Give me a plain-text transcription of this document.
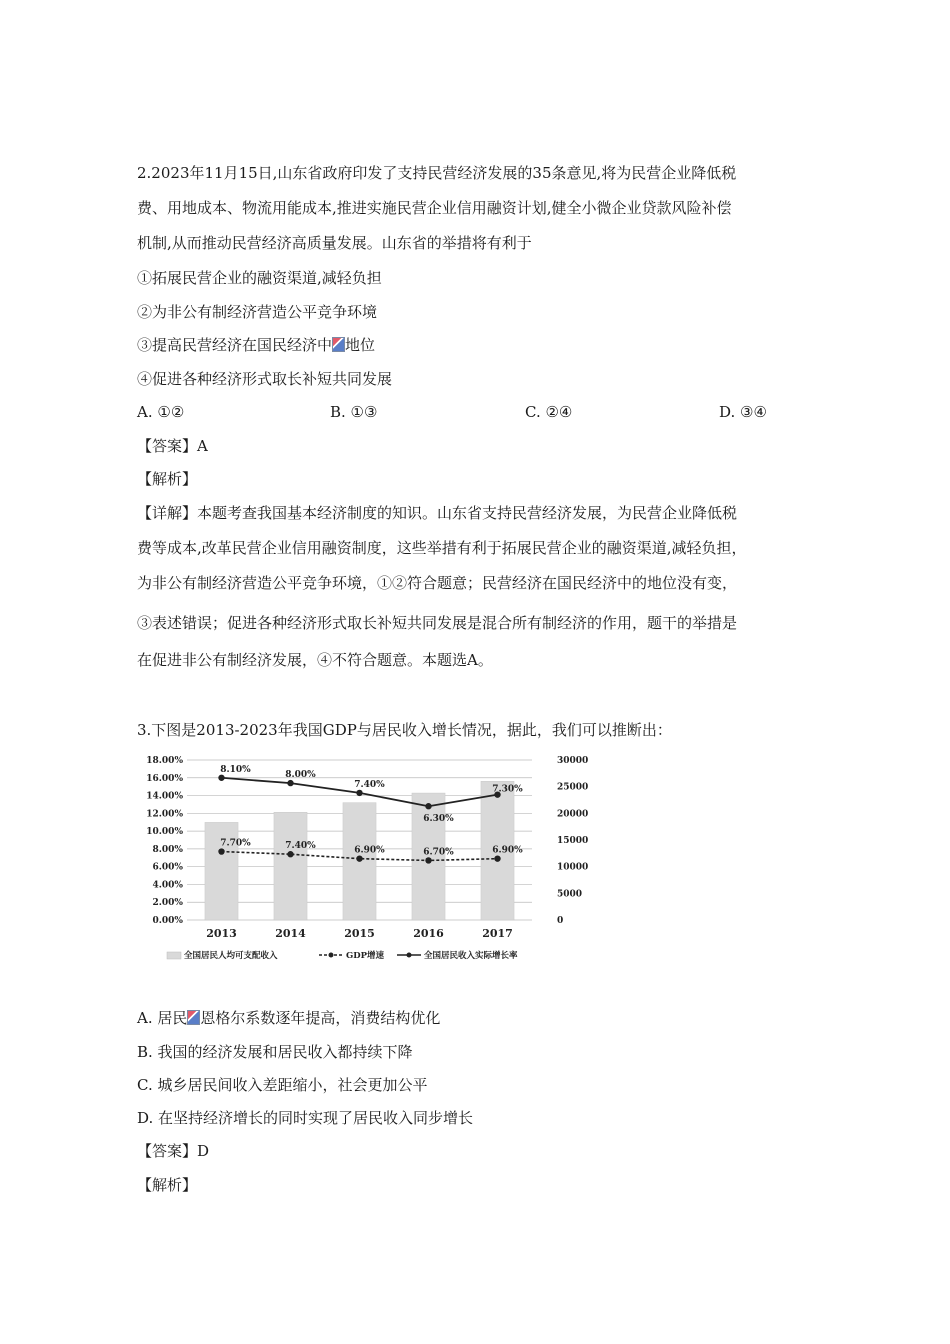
2.2023年11月15日,山东省政府印发了支持民营经济发展的35条意见,将为民营企业降低税
费、用地成本、物流用能成本,推进实施民营企业信用融资计划,健全小微企业贷款风险补偿
机制,从而推动民营经济高质量发展。山东省的举措将有利于
①拓展民营企业的融资渠道,减轻负担
②为非公有制经济营造公平竞争环境
③提高民营经济在国民经济中 地位
④促进各种经济形式取长补短共同发展
A. ①②	B. ①③	C. ②④	D. ③④
【答案】A
【解析】
【详解】本题考查我国基本经济制度的知识。山东省支持民营经济发展，为民营企业降低税
费等成本,改革民营企业信用融资制度，这些举措有利于拓展民营企业的融资渠道,减轻负担，
为非公有制经济营造公平竞争环境，①②符合题意；民营经济在国民经济中的地位没有变，
③表述错误；促进各种经济形式取长补短共同发展是混合所有制经济的作用，题干的举措是
在促进非公有制经济发展，④不符合题意。本题选A。
3.下图是2013-2023年我国GDP与居民收入增长情况，据此，我们可以推断出：
8.10%
8.00%
7.40%
6.30%
7.30%
7.70%	7.40%	6.90%	6.70%	6.90%
18.00%
16.00%
14.00%
12.00%
10.00%
8.00%
6.00%
4.00%
2.00%
0.00%
30000
25000
20000
15000
10000
5000
0
2013	2014	2015	2016	2017
全国居民人均可支配收入	GDP增速	全国居民收入实际增长率
A. 居民 恩格尔系数逐年提高，消费结构优化
B. 我国的经济发展和居民收入都持续下降
C. 城乡居民间收入差距缩小，社会更加公平
D. 在坚持经济增长的同时实现了居民收入同步增长
【答案】D
【解析】
